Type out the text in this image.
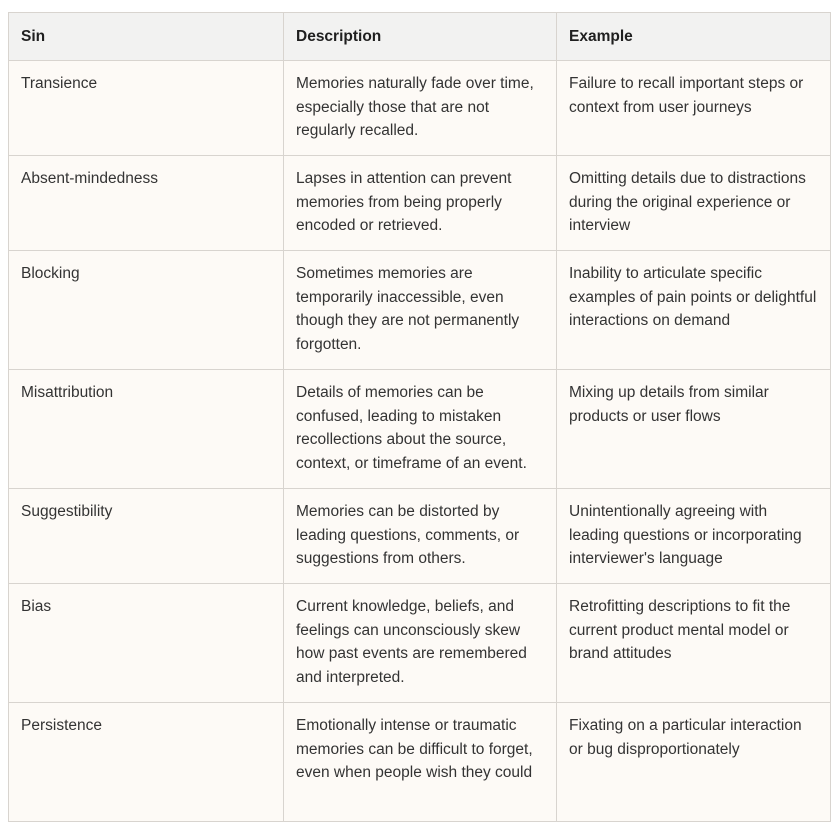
Sin	Description	Example
Transience	Memories naturally fade over time, especially those that are not regularly recalled.	Failure to recall important steps or context from user journeys
Absent-mindedness	Lapses in attention can prevent memories from being properly encoded or retrieved.	Omitting details due to distractions during the original experience or interview
Blocking	Sometimes memories are temporarily inaccessible, even though they are not permanently forgotten.	Inability to articulate specific examples of pain points or delightful interactions on demand
Misattribution	Details of memories can be confused, leading to mistaken recollections about the source, context, or timeframe of an event.	Mixing up details from similar products or user flows
Suggestibility	Memories can be distorted by leading questions, comments, or suggestions from others.	Unintentionally agreeing with leading questions or incorporating interviewer's language
Bias	Current knowledge, beliefs, and feelings can unconsciously skew how past events are remembered and interpreted.	Retrofitting descriptions to fit the current product mental model or brand attitudes
Persistence	Emotionally intense or traumatic memories can be difficult to forget, even when people wish they could	Fixating on a particular interaction or bug disproportionately
